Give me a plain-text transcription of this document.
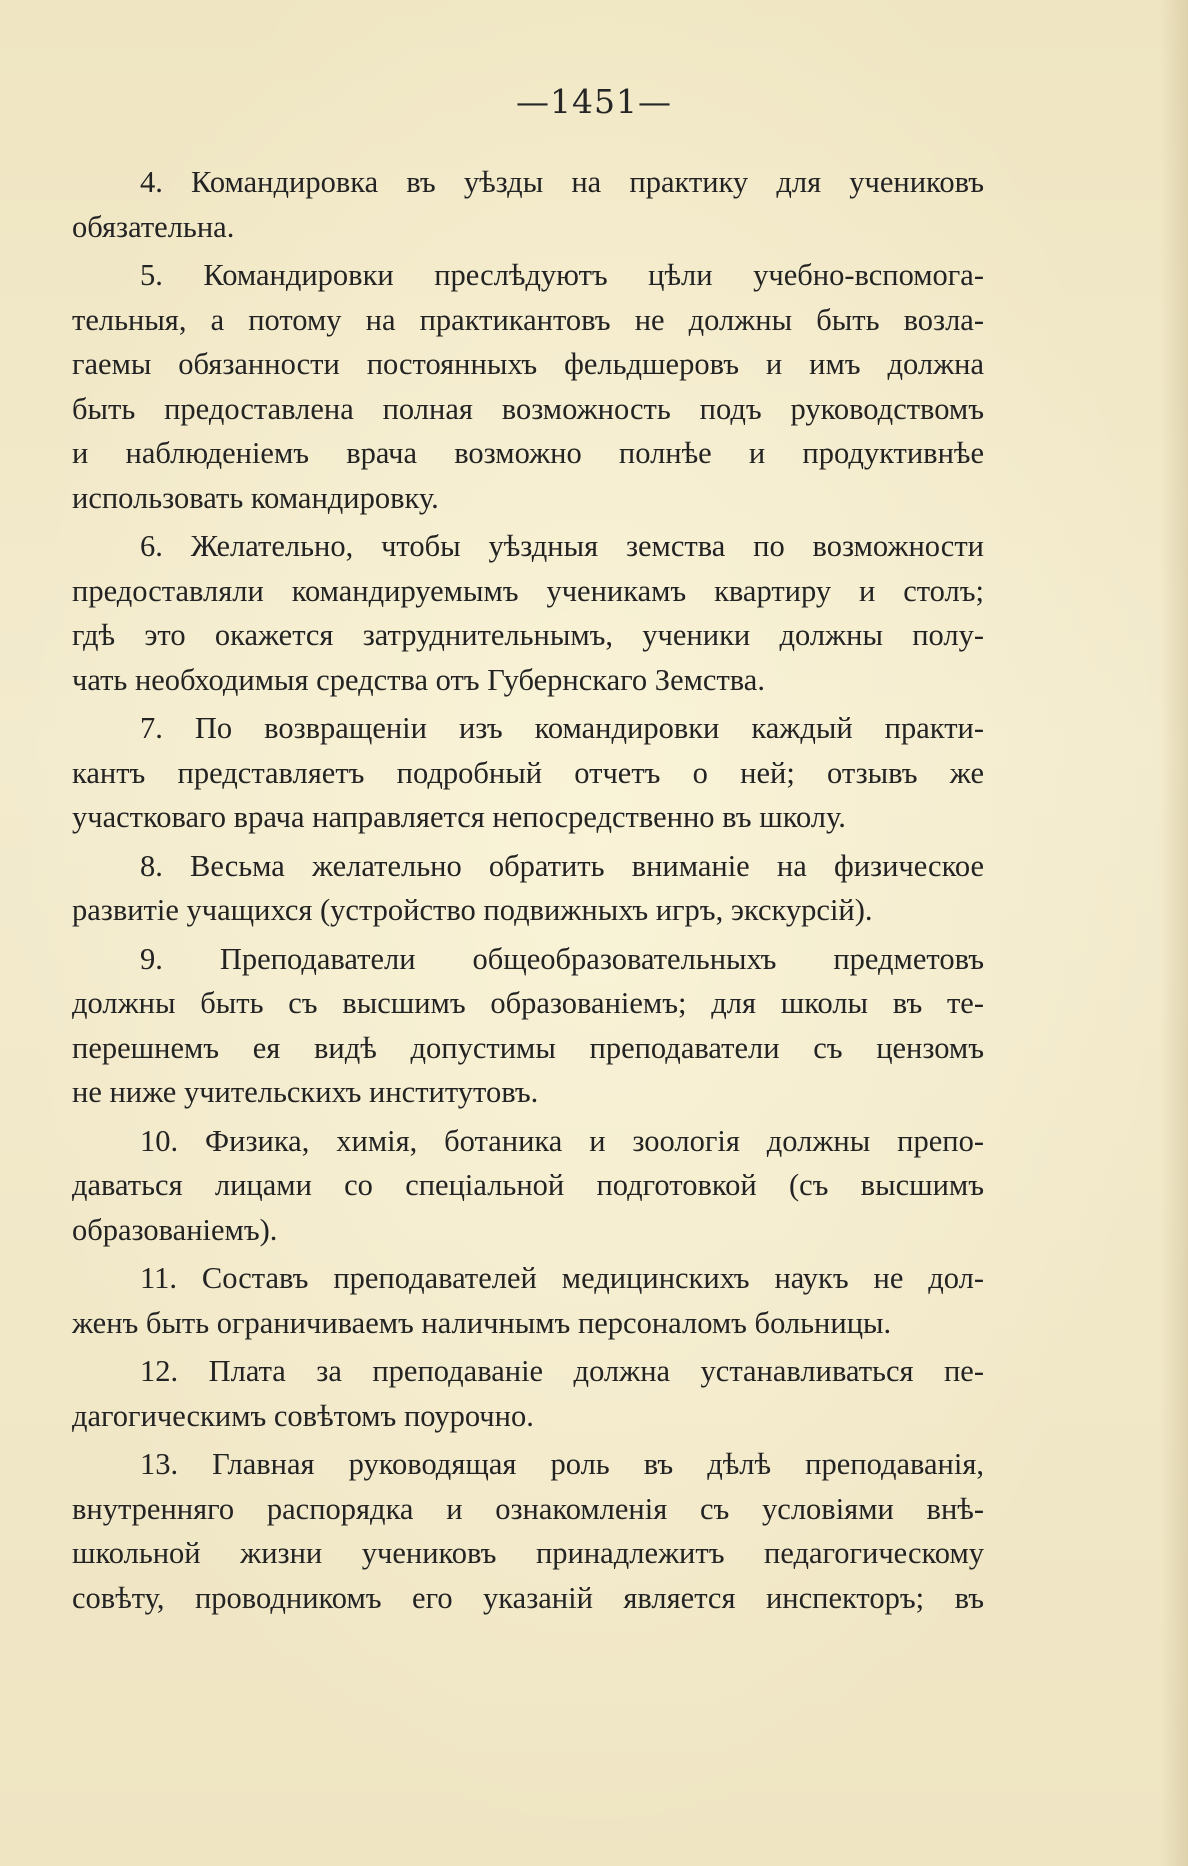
—1451—
4. Командировка въ уѣзды на практику для учениковъ
обязательна.
5. Командировки преслѣдуютъ цѣли учебно-вспомога-
тельныя, а потому на практикантовъ не должны быть возла-
гаемы обязанности постоянныхъ фельдшеровъ и имъ должна
быть предоставлена полная возможность подъ руководствомъ
и наблюденіемъ врача возможно полнѣе и продуктивнѣе
использовать командировку.
6. Желательно, чтобы уѣздныя земства по возможности
предоставляли командируемымъ ученикамъ квартиру и столъ;
гдѣ это окажется затруднительнымъ, ученики должны полу-
чать необходимыя средства отъ Губернскаго Земства.
7. По возвращеніи изъ командировки каждый практи-
кантъ представляетъ подробный отчетъ о ней; отзывъ же
участковаго врача направляется непосредственно въ школу.
8. Весьма желательно обратить вниманіе на физическое
развитіе учащихся (устройство подвижныхъ игръ, экскурсій).
9. Преподаватели общеобразовательныхъ предметовъ
должны быть съ высшимъ образованіемъ; для школы въ те-
перешнемъ ея видѣ допустимы преподаватели съ цензомъ
не ниже учительскихъ институтовъ.
10. Физика, химія, ботаника и зоологія должны препо-
даваться лицами со спеціальной подготовкой (съ высшимъ
образованіемъ).
11. Составъ преподавателей медицинскихъ наукъ не дол-
женъ быть ограничиваемъ наличнымъ персоналомъ больницы.
12. Плата за преподаваніе должна устанавливаться пе-
дагогическимъ совѣтомъ поурочно.
13. Главная руководящая роль въ дѣлѣ преподаванія,
внутренняго распорядка и ознакомленія съ условіями внѣ-
школьной жизни учениковъ принадлежитъ педагогическому
совѣту, проводникомъ его указаній является инспекторъ; въ
